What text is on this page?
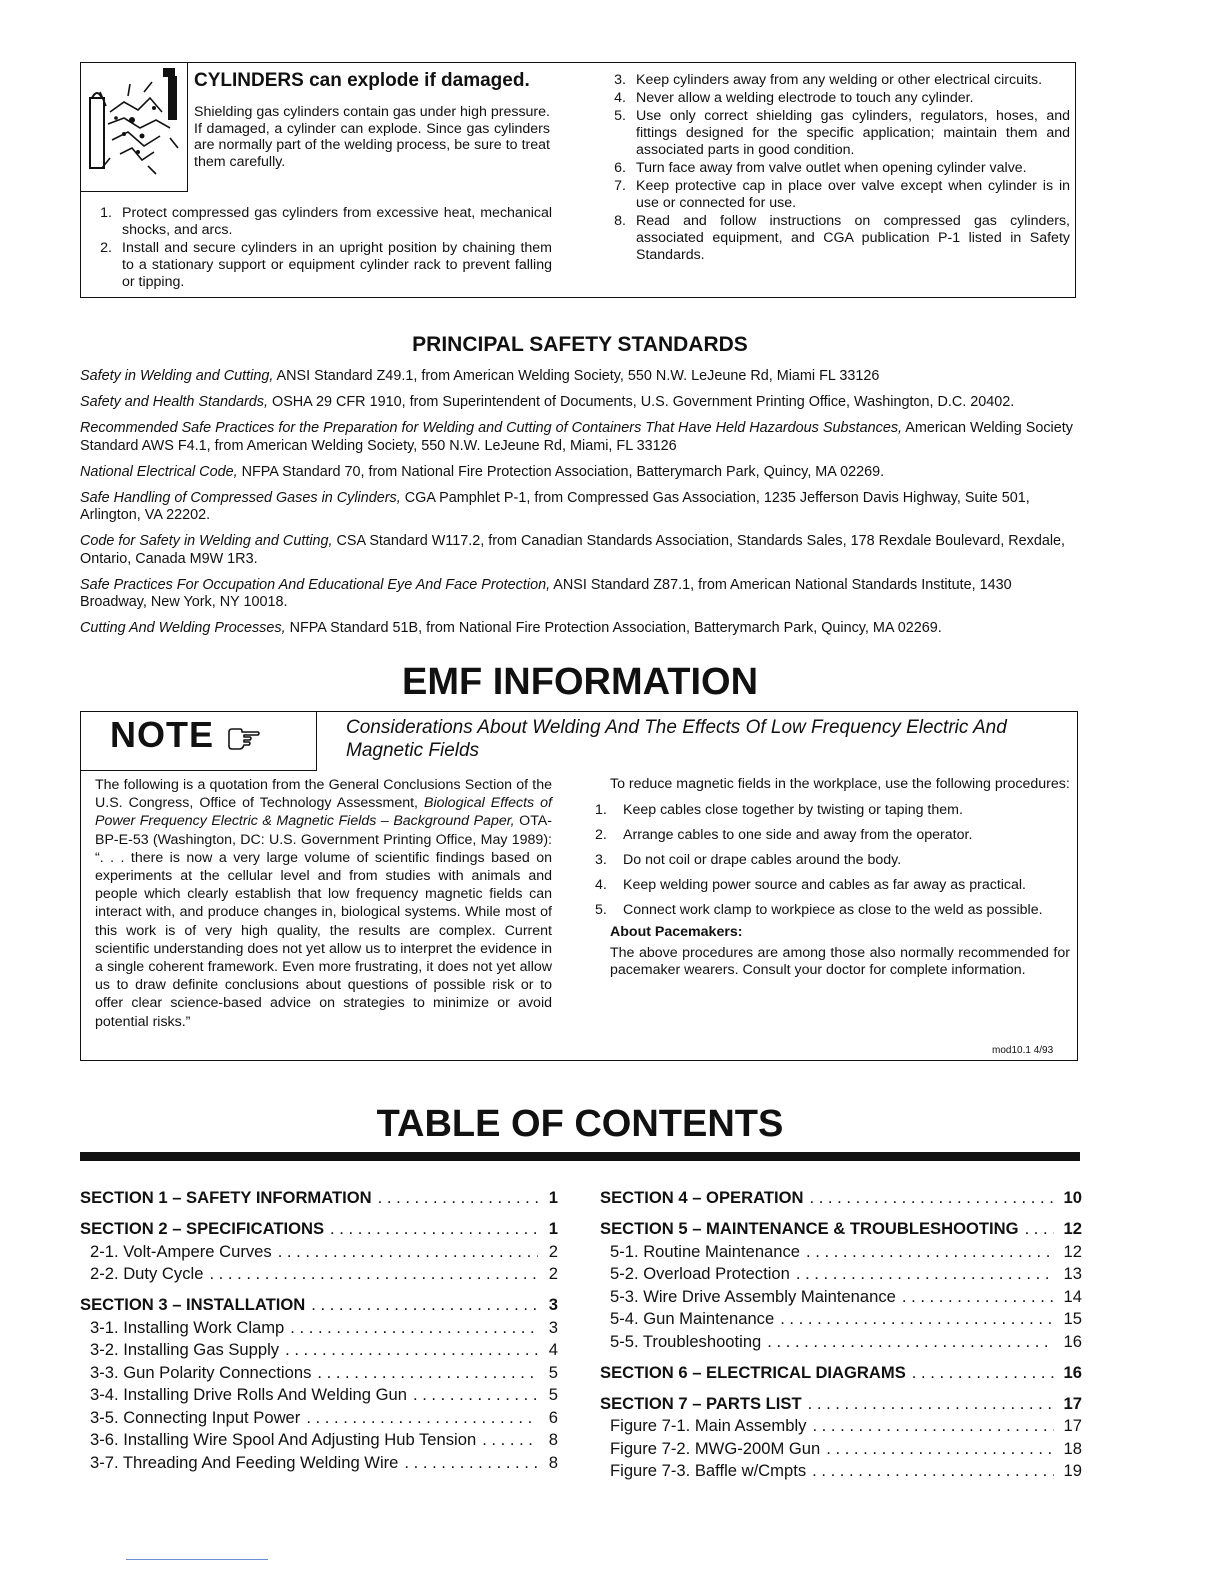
CYLINDERS can explode if damaged.
Shielding gas cylinders contain gas under high pressure. If damaged, a cylinder can explode. Since gas cylinders are normally part of the welding process, be sure to treat them carefully.
1. Protect compressed gas cylinders from excessive heat, mechanical shocks, and arcs.
2. Install and secure cylinders in an upright position by chaining them to a stationary support or equipment cylinder rack to prevent falling or tipping.
3. Keep cylinders away from any welding or other electrical circuits.
4. Never allow a welding electrode to touch any cylinder.
5. Use only correct shielding gas cylinders, regulators, hoses, and fittings designed for the specific application; maintain them and associated parts in good condition.
6. Turn face away from valve outlet when opening cylinder valve.
7. Keep protective cap in place over valve except when cylinder is in use or connected for use.
8. Read and follow instructions on compressed gas cylinders, associated equipment, and CGA publication P-1 listed in Safety Standards.
PRINCIPAL SAFETY STANDARDS
Safety in Welding and Cutting, ANSI Standard Z49.1, from American Welding Society, 550 N.W. LeJeune Rd, Miami FL 33126
Safety and Health Standards, OSHA 29 CFR 1910, from Superintendent of Documents, U.S. Government Printing Office, Washington, D.C. 20402.
Recommended Safe Practices for the Preparation for Welding and Cutting of Containers That Have Held Hazardous Substances, American Welding Society Standard AWS F4.1, from American Welding Society, 550 N.W. LeJeune Rd, Miami, FL 33126
National Electrical Code, NFPA Standard 70, from National Fire Protection Association, Batterymarch Park, Quincy, MA 02269.
Safe Handling of Compressed Gases in Cylinders, CGA Pamphlet P-1, from Compressed Gas Association, 1235 Jefferson Davis Highway, Suite 501, Arlington, VA 22202.
Code for Safety in Welding and Cutting, CSA Standard W117.2, from Canadian Standards Association, Standards Sales, 178 Rexdale Boulevard, Rexdale, Ontario, Canada M9W 1R3.
Safe Practices For Occupation And Educational Eye And Face Protection, ANSI Standard Z87.1, from American National Standards Institute, 1430 Broadway, New York, NY 10018.
Cutting And Welding Processes, NFPA Standard 51B, from National Fire Protection Association, Batterymarch Park, Quincy, MA 02269.
EMF INFORMATION
NOTE	Considerations About Welding And The Effects Of Low Frequency Electric And Magnetic Fields
The following is a quotation from the General Conclusions Section of the U.S. Congress, Office of Technology Assessment, Biological Effects of Power Frequency Electric & Magnetic Fields – Background Paper, OTA-BP-E-53 (Washington, DC: U.S. Government Printing Office, May 1989): “. . . there is now a very large volume of scientific findings based on experiments at the cellular level and from studies with animals and people which clearly establish that low frequency magnetic fields can interact with, and produce changes in, biological systems. While most of this work is of very high quality, the results are complex. Current scientific understanding does not yet allow us to interpret the evidence in a single coherent framework. Even more frustrating, it does not yet allow us to draw definite conclusions about questions of possible risk or to offer clear science-based advice on strategies to minimize or avoid potential risks.”
To reduce magnetic fields in the workplace, use the following procedures:
1. Keep cables close together by twisting or taping them.
2. Arrange cables to one side and away from the operator.
3. Do not coil or drape cables around the body.
4. Keep welding power source and cables as far away as practical.
5. Connect work clamp to workpiece as close to the weld as possible.
About Pacemakers:
The above procedures are among those also normally recommended for pacemaker wearers. Consult your doctor for complete information.
mod10.1 4/93
TABLE OF CONTENTS
SECTION 1 – SAFETY INFORMATION . . .	1
SECTION 2 – SPECIFICATIONS . . .	1
2-1. Volt-Ampere Curves . . .	2
2-2. Duty Cycle . . .	2
SECTION 3 – INSTALLATION . . .	3
3-1. Installing Work Clamp . . .	3
3-2. Installing Gas Supply . . .	4
3-3. Gun Polarity Connections . . .	5
3-4. Installing Drive Rolls And Welding Gun . . .	5
3-5. Connecting Input Power . . .	6
3-6. Installing Wire Spool And Adjusting Hub Tension . . .	8
3-7. Threading And Feeding Welding Wire . . .	8
SECTION 4 – OPERATION . . .	10
SECTION 5 – MAINTENANCE & TROUBLESHOOTING . . .	12
5-1. Routine Maintenance . . .	12
5-2. Overload Protection . . .	13
5-3. Wire Drive Assembly Maintenance . . .	14
5-4. Gun Maintenance . . .	15
5-5. Troubleshooting . . .	16
SECTION 6 – ELECTRICAL DIAGRAMS . . .	16
SECTION 7 – PARTS LIST . . .	17
Figure 7-1. Main Assembly . . .	17
Figure 7-2. MWG-200M Gun . . .	18
Figure 7-3. Baffle w/Cmpts . . .	19
